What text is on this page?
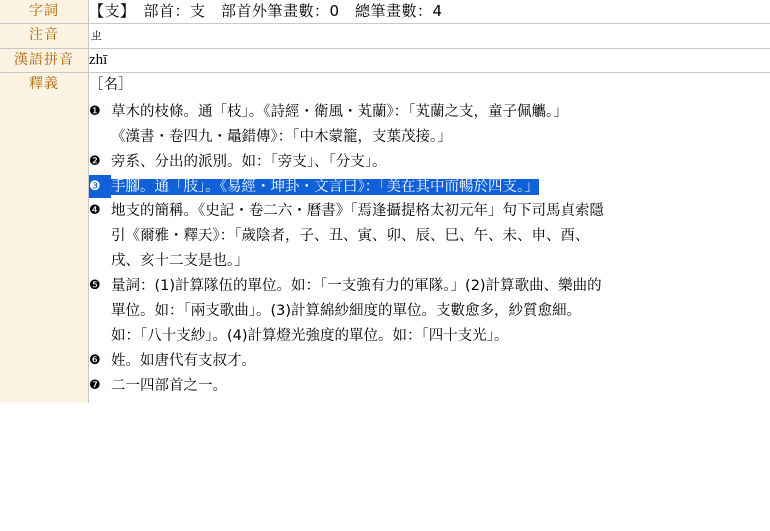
字詞	【支】　部首：支　部首外筆畫數：0　總筆畫數：4

注音	ㄓ
漢語拼音	zhī
釋義	［名］
❶ 草木的枝條。通「枝」。《詩經・衛風・芄蘭》：「芄蘭之支，童子佩觿。」
《漢書・卷四九・鼂錯傳》：「中木蒙籠，支葉茂接。」
❷ 旁系、分出的派別。如：「旁支」、「分支」。
❸ 手腳。通「肢」。《易經・坤卦・文言曰》：「美在其中而暢於四支。」
❹ 地支的簡稱。《史記・卷二六・曆書》「焉逢攝提格太初元年」句下司馬貞索隱
引《爾雅・釋天》：「歲陰者，子、丑、寅、卯、辰、巳、午、未、申、酉、
戌、亥十二支是也。」
❺ 量詞：(1)計算隊伍的單位。如：「一支強有力的軍隊。」(2)計算歌曲、樂曲的
單位。如：「兩支歌曲」。(3)計算綿紗細度的單位。支數愈多，紗質愈細。
如：「八十支紗」。(4)計算燈光強度的單位。如：「四十支光」。
❻ 姓。如唐代有支叔才。
❼ 二一四部首之一。
